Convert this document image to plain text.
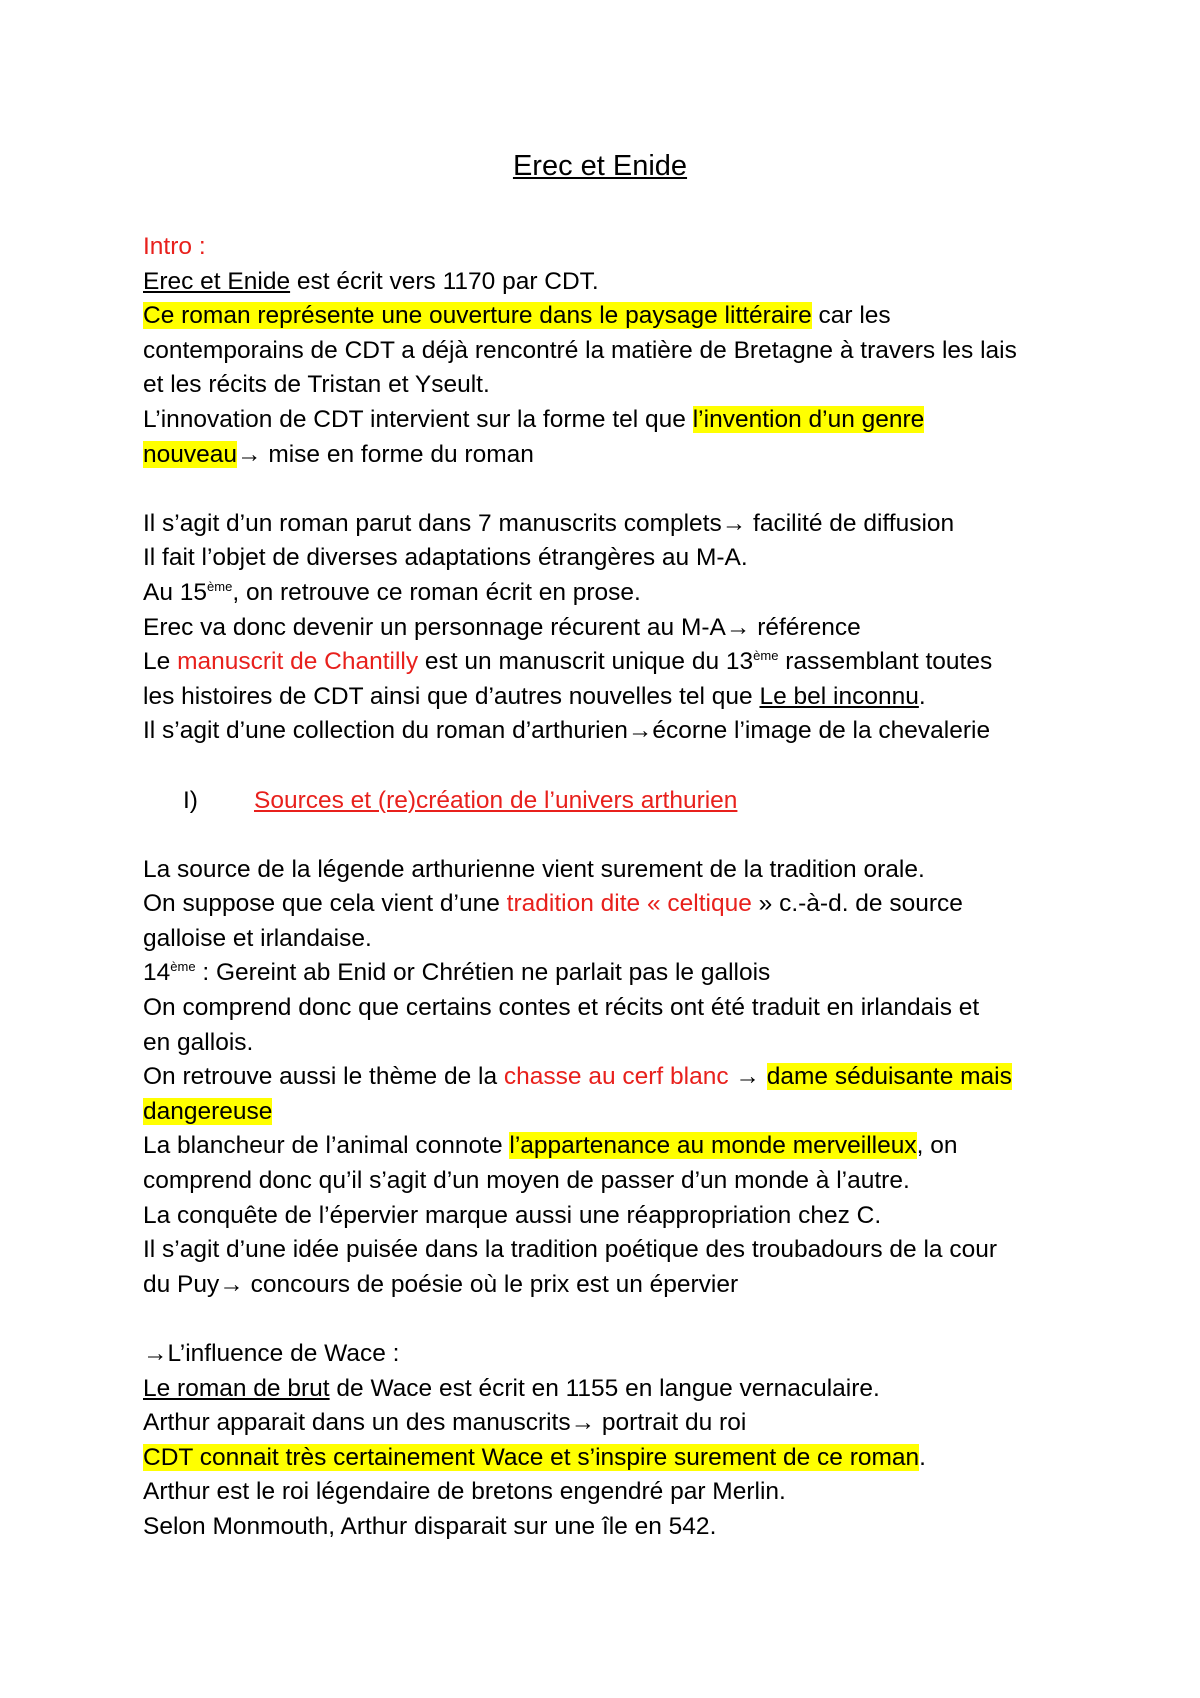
Erec et Enide
Intro :
Erec et Enide est écrit vers 1170 par CDT.
Ce roman représente une ouverture dans le paysage littéraire car les
contemporains de CDT a déjà rencontré la matière de Bretagne à travers les lais
et les récits de Tristan et Yseult.
L’innovation de CDT intervient sur la forme tel que l’invention d’un genre
nouveau→ mise en forme du roman
Il s’agit d’un roman parut dans 7 manuscrits complets→ facilité de diffusion
Il fait l’objet de diverses adaptations étrangères au M-A.
Au 15ème, on retrouve ce roman écrit en prose.
Erec va donc devenir un personnage récurent au M-A→ référence
Le manuscrit de Chantilly est un manuscrit unique du 13ème rassemblant toutes
les histoires de CDT ainsi que d’autres nouvelles tel que Le bel inconnu.
Il s’agit d’une collection du roman d’arthurien→écorne l’image de la chevalerie
I) Sources et (re)création de l’univers arthurien
La source de la légende arthurienne vient surement de la tradition orale.
On suppose que cela vient d’une tradition dite « celtique » c.-à-d. de source
galloise et irlandaise.
14ème : Gereint ab Enid or Chrétien ne parlait pas le gallois
On comprend donc que certains contes et récits ont été traduit en irlandais et
en gallois.
On retrouve aussi le thème de la chasse au cerf blanc → dame séduisante mais
dangereuse
La blancheur de l’animal connote l’appartenance au monde merveilleux, on
comprend donc qu’il s’agit d’un moyen de passer d’un monde à l’autre.
La conquête de l’épervier marque aussi une réappropriation chez C.
Il s’agit d’une idée puisée dans la tradition poétique des troubadours de la cour
du Puy→ concours de poésie où le prix est un épervier
→L’influence de Wace :
Le roman de brut de Wace est écrit en 1155 en langue vernaculaire.
Arthur apparait dans un des manuscrits→ portrait du roi
CDT connait très certainement Wace et s’inspire surement de ce roman.
Arthur est le roi légendaire de bretons engendré par Merlin.
Selon Monmouth, Arthur disparait sur une île en 542.
